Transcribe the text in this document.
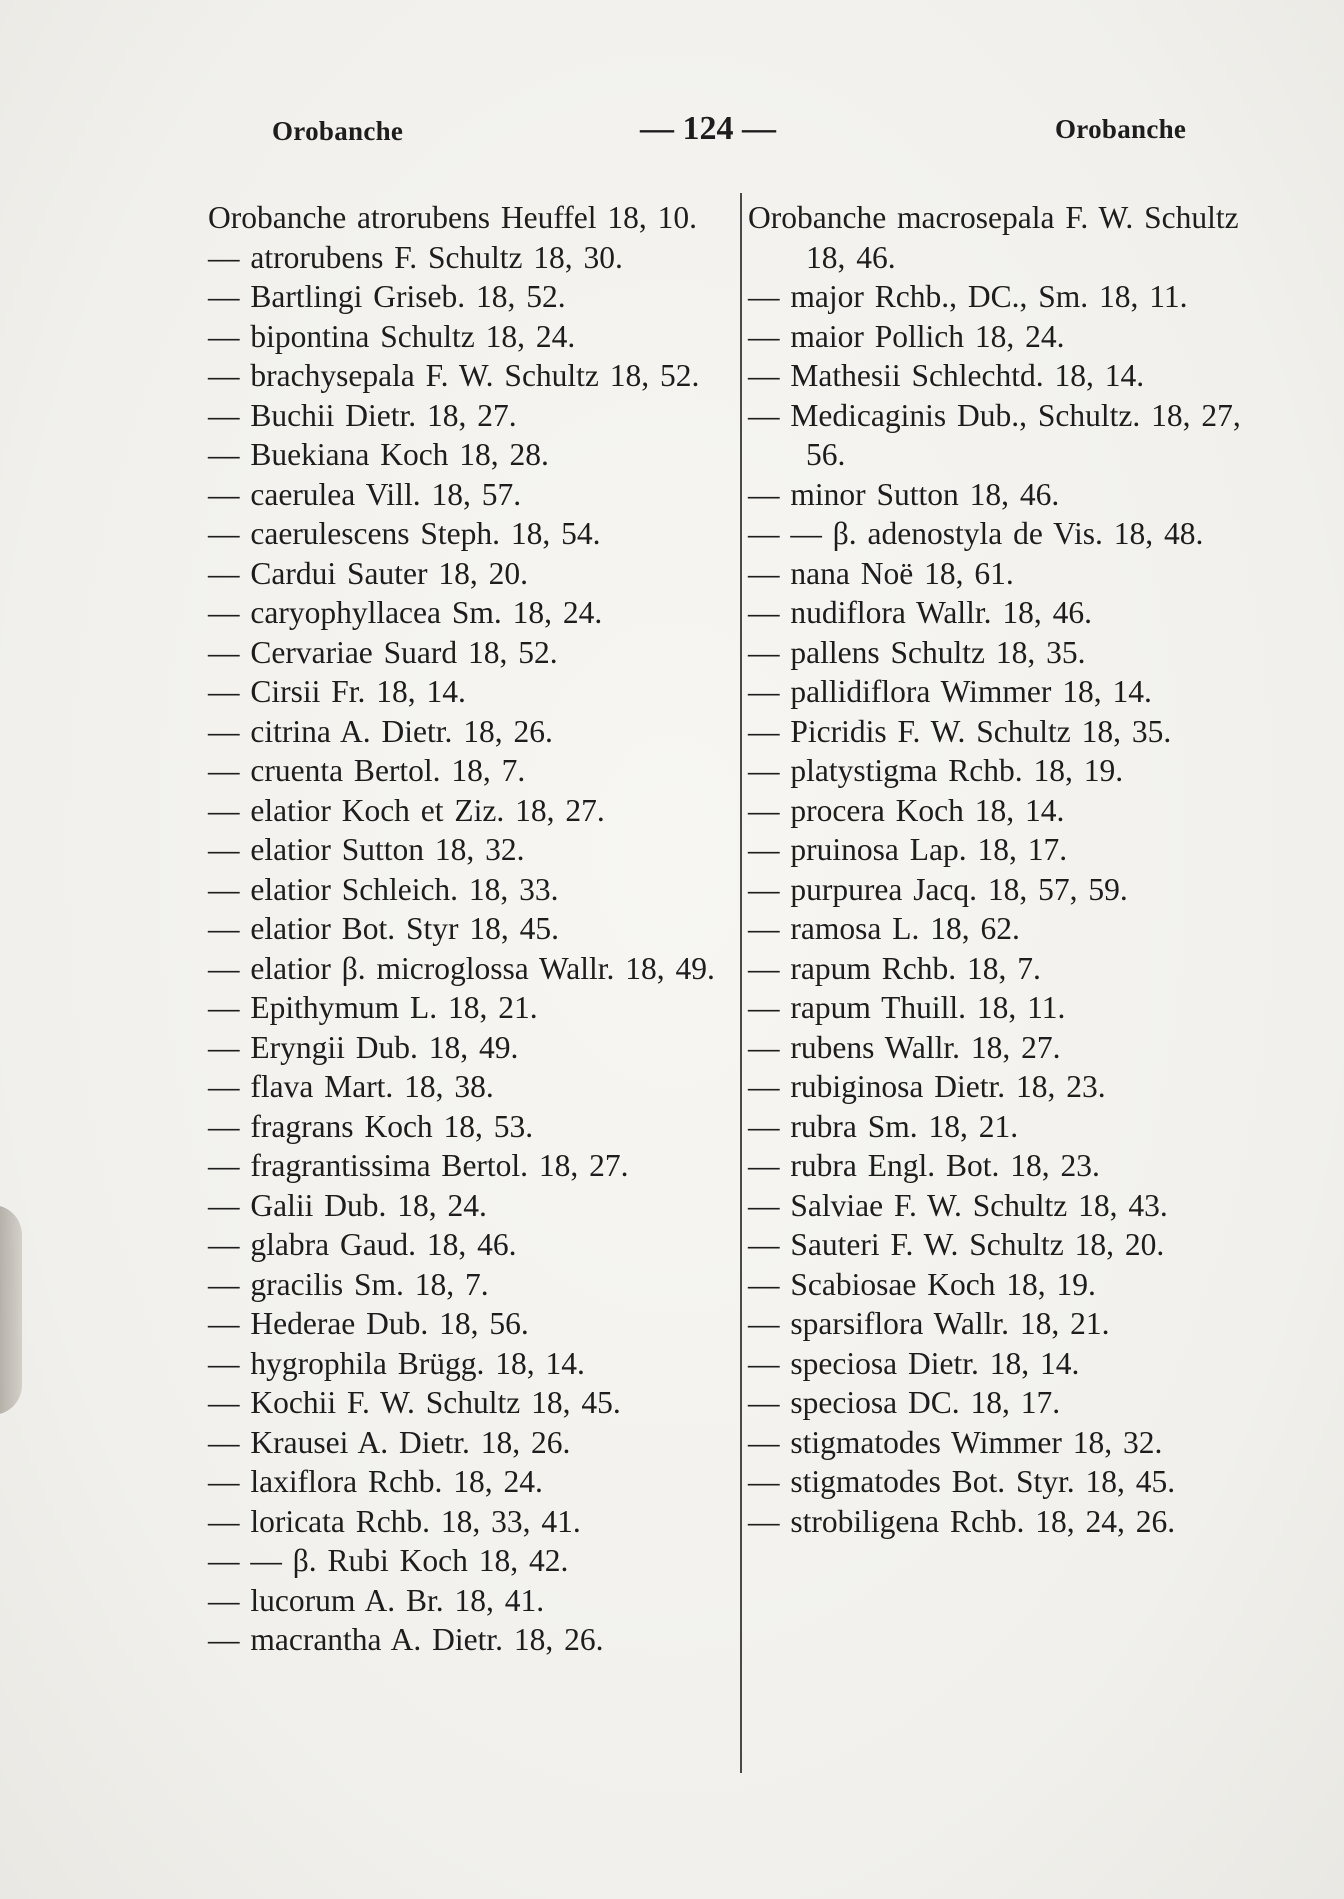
Orobanche	— 124 —	Orobanche

Orobanche atrorubens Heuffel 18, 10.

— atrorubens F. Schultz 18, 30.

— Bartlingi Griseb. 18, 52.

— bipontina Schultz 18, 24.

— brachysepala F. W. Schultz 18, 52.

— Buchii Dietr. 18, 27.

— Buekiana Koch 18, 28.

— caerulea Vill. 18, 57.

— caerulescens Steph. 18, 54.

— Cardui Sauter 18, 20.

— caryophyllacea Sm. 18, 24.

— Cervariae Suard 18, 52.

— Cirsii Fr. 18, 14.

— citrina A. Dietr. 18, 26.

— cruenta Bertol. 18, 7.

— elatior Koch et Ziz. 18, 27.

— elatior Sutton 18, 32.

— elatior Schleich. 18, 33.

— elatior Bot. Styr 18, 45.

— elatior β. microglossa Wallr. 18, 49.

— Epithymum L. 18, 21.

— Eryngii Dub. 18, 49.

— flava Mart. 18, 38.

— fragrans Koch 18, 53.

— fragrantissima Bertol. 18, 27.

— Galii Dub. 18, 24.

— glabra Gaud. 18, 46.

— gracilis Sm. 18, 7.

— Hederae Dub. 18, 56.

— hygrophila Brügg. 18, 14.

— Kochii F. W. Schultz 18, 45.

— Krausei A. Dietr. 18, 26.

— laxiflora Rchb. 18, 24.

— loricata Rchb. 18, 33, 41.

— — β. Rubi Koch 18, 42.

— lucorum A. Br. 18, 41.

— macrantha A. Dietr. 18, 26.

Orobanche macrosepala F. W. Schultz 18, 46.

— major Rchb., DC., Sm. 18, 11.

— maior Pollich 18, 24.

— Mathesii Schlechtd. 18, 14.

— Medicaginis Dub., Schultz. 18, 27, 56.

— minor Sutton 18, 46.

— — β. adenostyla de Vis. 18, 48.

— nana Noë 18, 61.

— nudiflora Wallr. 18, 46.

— pallens Schultz 18, 35.

— pallidiflora Wimmer 18, 14.

— Picridis F. W. Schultz 18, 35.

— platystigma Rchb. 18, 19.

— procera Koch 18, 14.

— pruinosa Lap. 18, 17.

— purpurea Jacq. 18, 57, 59.

— ramosa L. 18, 62.

— rapum Rchb. 18, 7.

— rapum Thuill. 18, 11.

— rubens Wallr. 18, 27.

— rubiginosa Dietr. 18, 23.

— rubra Sm. 18, 21.

— rubra Engl. Bot. 18, 23.

— Salviae F. W. Schultz 18, 43.

— Sauteri F. W. Schultz 18, 20.

— Scabiosae Koch 18, 19.

— sparsiflora Wallr. 18, 21.

— speciosa Dietr. 18, 14.

— speciosa DC. 18, 17.

— stigmatodes Wimmer 18, 32.

— stigmatodes Bot. Styr. 18, 45.

— strobiligena Rchb. 18, 24, 26.
